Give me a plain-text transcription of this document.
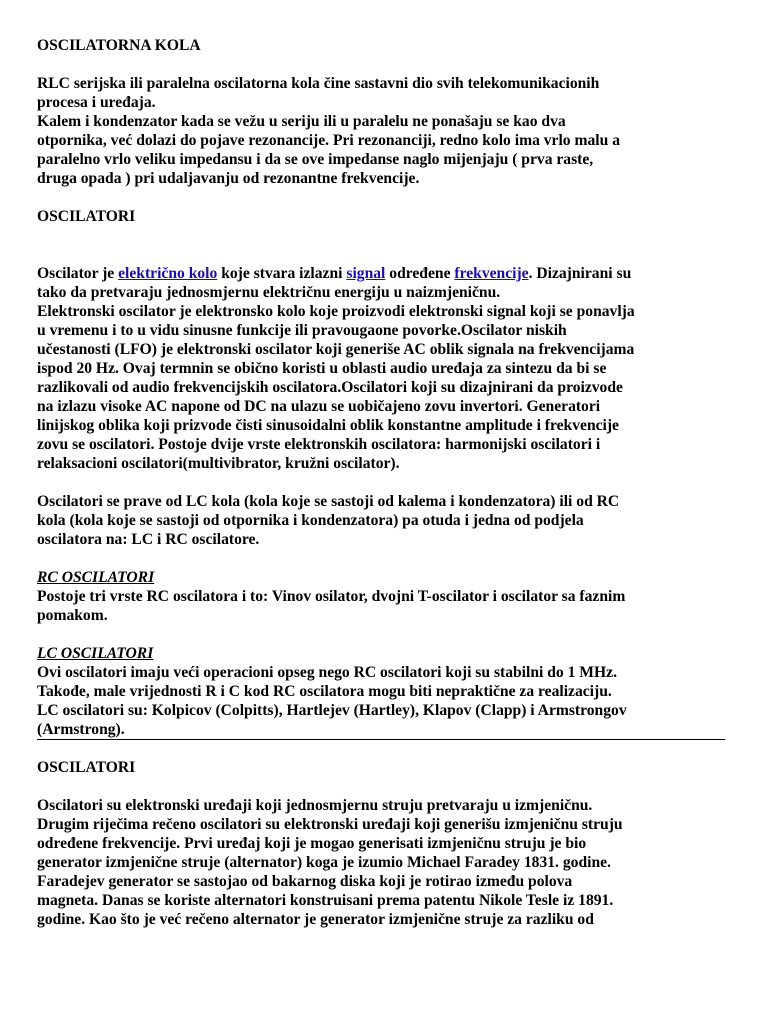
OSCILATORNA KOLA
RLC serijska ili paralelna oscilatorna kola čine sastavni dio svih telekomunikacionih
procesa i uređaja.
Kalem i kondenzator kada se vežu u seriju ili u paralelu ne ponašaju se kao dva
otpornika, već dolazi do pojave rezonancije. Pri rezonanciji, redno kolo ima vrlo malu a
paralelno vrlo veliku impedansu i da se ove impedanse naglo mijenjaju ( prva raste,
druga opada ) pri udaljavanju od rezonantne frekvencije.
OSCILATORI
Oscilator je električno kolo koje stvara izlazni signal određene frekvencije. Dizajnirani su
tako da pretvaraju jednosmjernu električnu energiju u naizmjeničnu.
Elektronski oscilator je elektronsko kolo koje proizvodi elektronski signal koji se ponavlja
u vremenu i to u vidu sinusne funkcije ili pravougaone povorke.Oscilator niskih
učestanosti (LFO) je elektronski oscilator koji generiše AC oblik signala na frekvencijama
ispod 20 Hz. Ovaj termnin se obično koristi u oblasti audio uređaja za sintezu da bi se
razlikovali od audio frekvencijskih oscilatora.Oscilatori koji su dizajnirani da proizvode
na izlazu visoke AC napone od DC na ulazu se uobičajeno zovu invertori. Generatori
linijskog oblika koji prizvode čisti sinusoidalni oblik konstantne amplitude i frekvencije
zovu se oscilatori. Postoje dvije vrste elektronskih oscilatora: harmonijski oscilatori i
relaksacioni oscilatori(multivibrator, kružni oscilator).
Oscilatori se prave od LC kola (kola koje se sastoji od kalema i kondenzatora) ili od RC
kola (kola koje se sastoji od otpornika i kondenzatora) pa otuda i jedna od podjela
oscilatora na: LC i RC oscilatore.
RC OSCILATORI
Postoje tri vrste RC oscilatora i to: Vinov osilator, dvojni T-oscilator i oscilator sa faznim
pomakom.
LC OSCILATORI
Ovi oscilatori imaju veći operacioni opseg nego RC oscilatori koji su stabilni do 1 MHz.
Takođe, male vrijednosti R i C kod RC oscilatora mogu biti nepraktične za realizaciju.
LC oscilatori su: Kolpicov (Colpitts), Hartlejev (Hartley), Klapov (Clapp) i Armstrongov
(Armstrong).
OSCILATORI
Oscilatori su elektronski uređaji koji jednosmjernu struju pretvaraju u izmjeničnu.
Drugim riječima rečeno oscilatori su elektronski uređaji koji generišu izmjeničnu struju
određene frekvencije. Prvi uređaj koji je mogao generisati izmjeničnu struju je bio
generator izmjenične struje (alternator) koga je izumio Michael Faradey 1831. godine.
Faradejev generator se sastojao od bakarnog diska koji je rotirao između polova
magneta. Danas se koriste alternatori konstruisani prema patentu Nikole Tesle iz 1891.
godine. Kao što je već rečeno alternator je generator izmjenične struje za razliku od
